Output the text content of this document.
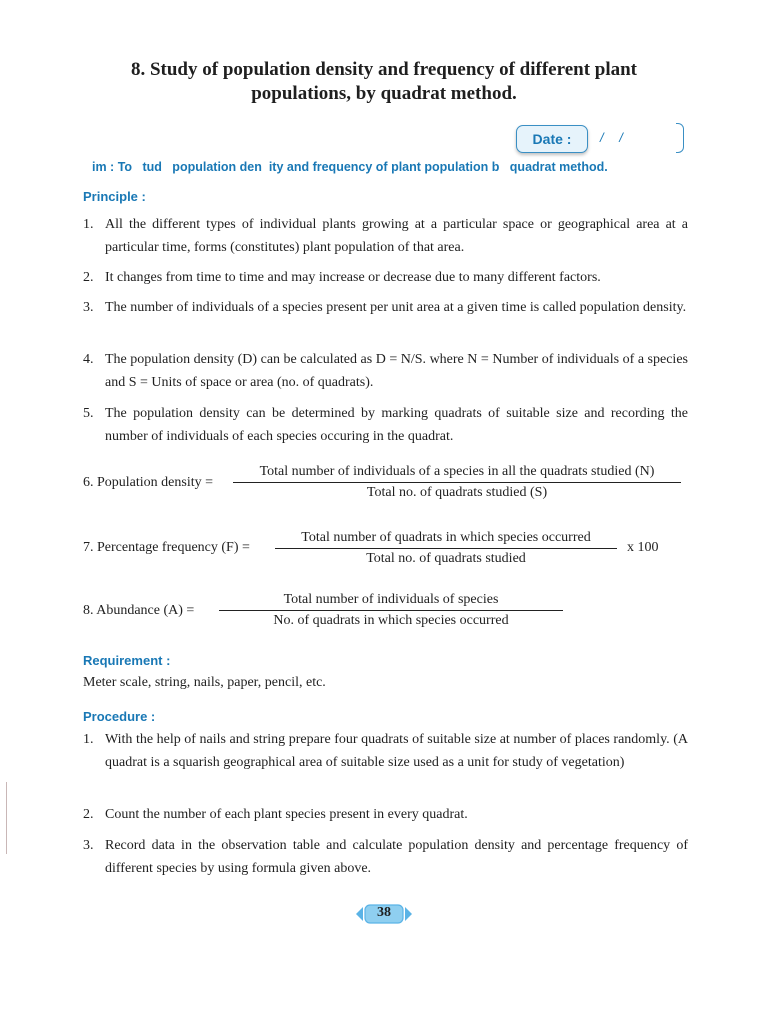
8. Study of population density and frequency of different plant
populations, by quadrat method.
Date :	/ /
im : To   tud   population den  ity and frequency of plant population b   quadrat method.
Principle :
1. All the different types of individual plants growing at a particular space or geographical area at a particular time, forms (constitutes) plant population of that area.
2. It changes from time to time and may increase or decrease due to many different factors.
3. The number of individuals of a species present per unit area at a given time is called population density.
4. The population density (D) can be calculated as D = N/S. where N = Number of individuals of a species and S = Units of space or area (no. of quadrats).
5. The population density can be determined by marking quadrats of suitable size and recording the number of individuals of each species occuring in the quadrat.
6. Population density =
Total number of individuals of a species in all the quadrats studied (N)
Total no. of quadrats studied (S)
7. Percentage frequency (F) =
Total number of quadrats in which species occurred
Total no. of quadrats studied
x 100
8. Abundance (A) =
Total number of individuals of species
No. of quadrats in which species occurred
Requirement :
Meter scale, string, nails, paper, pencil, etc.
Procedure :
1. With the help of nails and string prepare four quadrats of suitable size at number of places randomly. (A quadrat is a squarish geographical area of suitable size used as a unit for study of vegetation)
2. Count the number of each plant species present in every quadrat.
3. Record data in the observation table and calculate population density and percentage frequency of different species by using formula given above.
38
